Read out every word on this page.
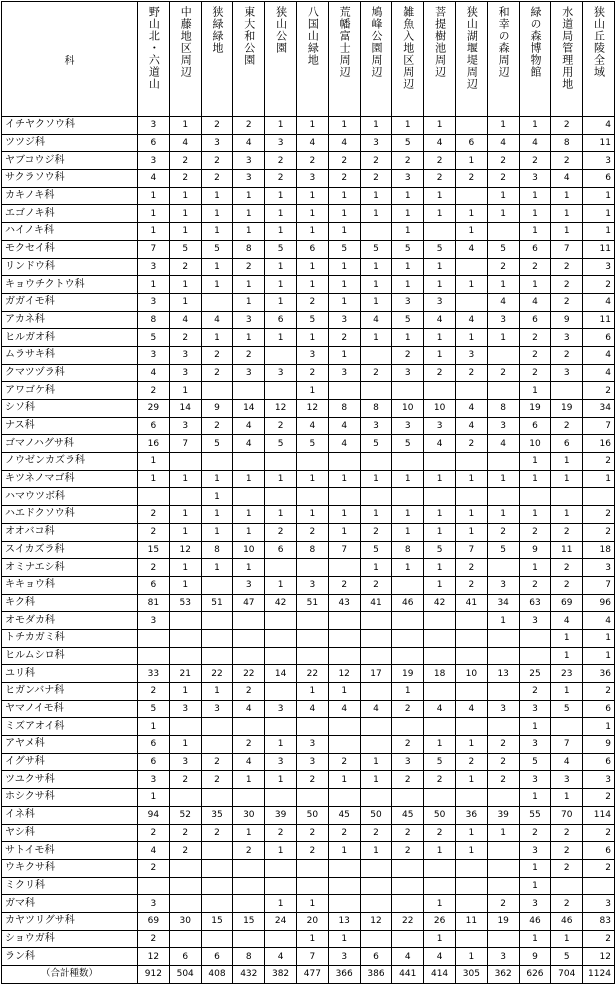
科	野山北・六道山	中藤地区周辺	狭緑緑地	東大和公園	狭山公園	八国山緑地	荒幡富士周辺	鳩峰公園周辺	雑魚入地区周辺	菩提樹池周辺	狭山湖堰堤周辺	和幸の森周辺	緑の森博物館	水道局管理用地	狭山丘陵全域

イチヤクソウ科	3	1	2	2	1	1	1	1	1	1		1	1	2	4
ツツジ科	6	4	3	4	3	4	4	3	5	4	6	4	4	8	11
ヤブコウジ科	3	2	2	3	2	2	2	2	2	2	1	2	2	2	3
サクラソウ科	4	2	2	3	2	3	2	2	3	2	2	2	3	4	6
カキノキ科	1	1	1	1	1	1	1	1	1	1		1	1	1	1
エゴノキ科	1	1	1	1	1	1	1	1	1	1	1	1	1	1	1
ハイノキ科	1	1	1	1	1	1	1		1		1		1	1	1
モクセイ科	7	5	5	8	5	6	5	5	5	5	4	5	6	7	11
リンドウ科	3	2	1	2	1	1	1	1	1	1		2	2	2	3
キョウチクトウ科	1	1	1	1	1	1	1	1	1	1	1	1	1	2	2
ガガイモ科	3	1		1	1	2	1	1	3	3		4	4	2	4
アカネ科	8	4	4	3	6	5	3	4	5	4	4	3	6	9	11
ヒルガオ科	5	2	1	1	1	1	2	1	1	1	1	1	2	3	6
ムラサキ科	3	3	2	2		3	1		2	1	3		2	2	4
クマツヅラ科	4	3	2	3	3	2	3	2	3	2	2	2	2	3	4
アワゴケ科	2	1				1							1		2
シソ科	29	14	9	14	12	12	8	8	10	10	4	8	19	19	34
ナス科	6	3	2	4	2	4	4	3	3	3	4	3	6	2	7
ゴマノハグサ科	16	7	5	4	5	5	4	5	5	4	2	4	10	6	16
ノウゼンカズラ科	1												1	1	2
キツネノマゴ科	1	1	1	1	1	1	1	1	1	1	1	1	1	1	1
ハマウツボ科			1												
ハエドクソウ科	2	1	1	1	1	1	1	1	1	1	1	1	1	1	2
オオバコ科	2	1	1	1	2	2	1	2	1	1	1	2	2	2	2
スイカズラ科	15	12	8	10	6	8	7	5	8	5	7	5	9	11	18
オミナエシ科	2	1	1	1				1	1	1	2		1	2	3
キキョウ科	6	1		3	1	3	2	2		1	2	3	2	2	7
キク科	81	53	51	47	42	51	43	41	46	42	41	34	63	69	96
オモダカ科	3											1	3	4	4
トチカガミ科														1	1
ヒルムシロ科														1	1
ユリ科	33	21	22	22	14	22	12	17	19	18	10	13	25	23	36
ヒガンバナ科	2	1	1	2		1	1		1				2	1	2
ヤマノイモ科	5	3	3	4	3	4	4	4	2	4	4	3	3	5	6
ミズアオイ科	1												1		1
アヤメ科	6	1		2	1	3			2	1	1	2	3	7	9
イグサ科	6	3	2	4	3	3	2	1	3	5	2	2	5	4	6
ツユクサ科	3	2	2	1	1	2	1	1	2	2	1	2	3	3	3
ホシクサ科	1												1	1	2
イネ科	94	52	35	30	39	50	45	50	45	50	36	39	55	70	114
ヤシ科	2	2	2	1	2	2	2	2	2	2	1	1	2	2	2
サトイモ科	4	2		2	1	2	1	1	2	1	1		3	2	6
ウキクサ科	2												1	2	2
ミクリ科													1		
ガマ科	3				1	1				1		2	3	2	3
カヤツリグサ科	69	30	15	15	24	20	13	12	22	26	11	19	46	46	83
ショウガ科	2					1	1			1			1	1	2
ラン科	12	6	6	8	4	7	3	6	4	4	1	3	9	5	12
（合計種数）	912	504	408	432	382	477	366	386	441	414	305	362	626	704	1124
